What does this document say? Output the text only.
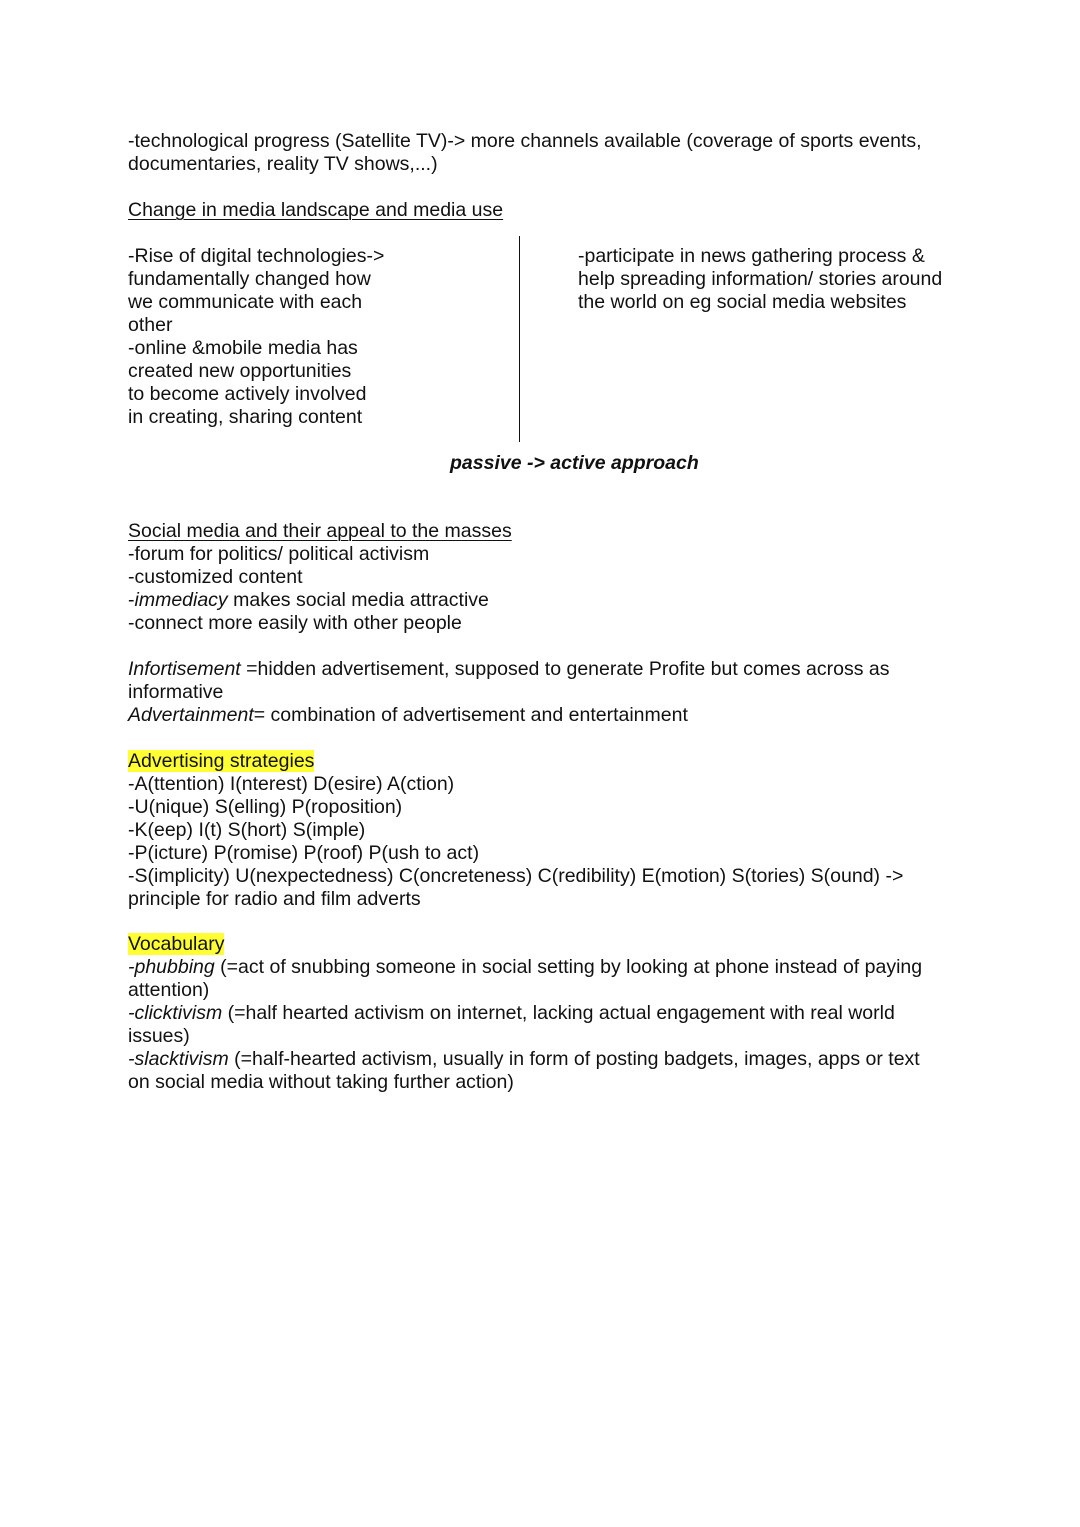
-technological progress (Satellite TV)-> more channels available (coverage of sports events,
documentaries, reality TV shows,...)
Change in media landscape and media use
-Rise of digital technologies->
fundamentally changed how
we communicate with each
other
-online &mobile media has
created new opportunities
to become actively involved
in creating, sharing content
-participate in news gathering process &
help spreading information/ stories around
the world on eg social media websites
passive -> active approach
Social media and their appeal to the masses
-forum for politics/ political activism
-customized content
-immediacy makes social media attractive
-connect more easily with other people
Infortisement =hidden advertisement, supposed to generate Profite but comes across as
informative
Advertainment= combination of advertisement and entertainment
Advertising strategies
-A(ttention) I(nterest) D(esire) A(ction)
-U(nique) S(elling) P(roposition)
-K(eep) I(t) S(hort) S(imple)
-P(icture) P(romise) P(roof) P(ush to act)
-S(implicity) U(nexpectedness) C(oncreteness) C(redibility) E(motion) S(tories) S(ound) ->
principle for radio and film adverts
Vocabulary
-phubbing (=act of snubbing someone in social setting by looking at phone instead of paying
attention)
-clicktivism (=half hearted activism on internet, lacking actual engagement with real world
issues)
-slacktivism (=half-hearted activism, usually in form of posting badgets, images, apps or text
on social media without taking further action)
